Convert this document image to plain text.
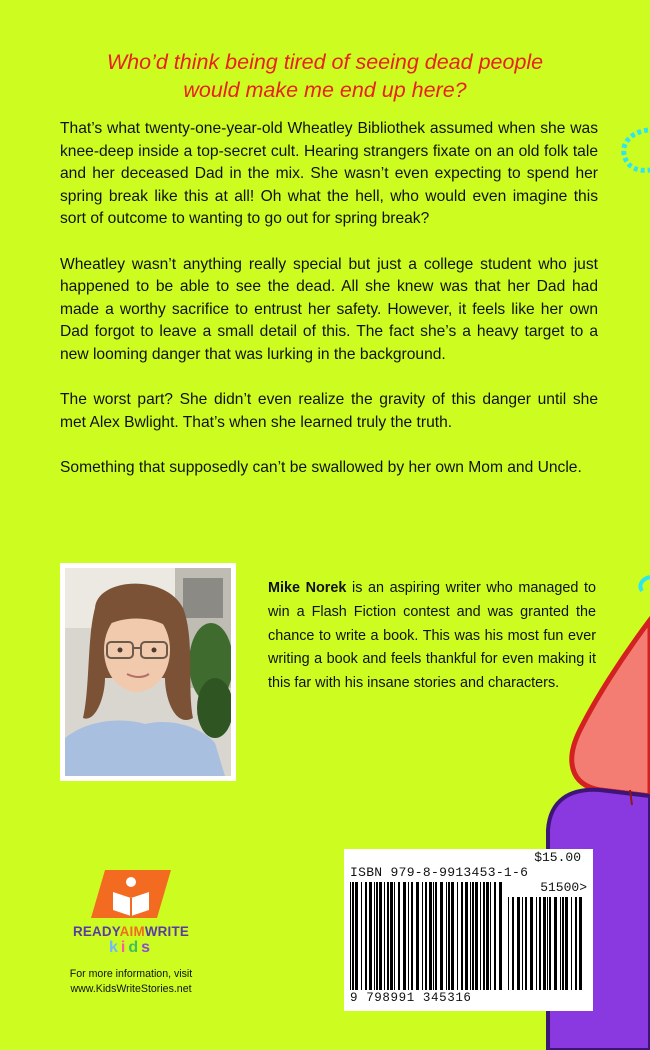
Who’d think being tired of seeing dead people
would make me end up here?

That’s what twenty-one-year-old Wheatley Bibliothek assumed when she was knee-deep inside a top-secret cult. Hearing strangers fixate on an old folk tale and her deceased Dad in the mix. She wasn’t even expecting to spend her spring break like this at all! Oh what the hell, who would even imagine this sort of outcome to wanting to go out for spring break?

Wheatley wasn’t anything really special but just a college student who just happened to be able to see the dead. All she knew was that her Dad had made a worthy sacrifice to entrust her safety. However, it feels like her own Dad forgot to leave a small detail of this. The fact she’s a heavy target to a new looming danger that was lurking in the background.

The worst part? She didn’t even realize the gravity of this danger until she met Alex Bwlight. That’s when she learned truly the truth.

Something that supposedly can’t be swallowed by her own Mom and Uncle.

Mike Norek is an aspiring writer who managed to win a Flash Fiction contest and was granted the chance to write a book. This was his most fun ever writing a book and feels thankful for even making it this far with his insane stories and characters.
READYAIMWRITE
kids
For more information, visit
www.KidsWriteStories.net
$15.00
ISBN 979-8-9913453-1-6
51500>
9 798991 345316
